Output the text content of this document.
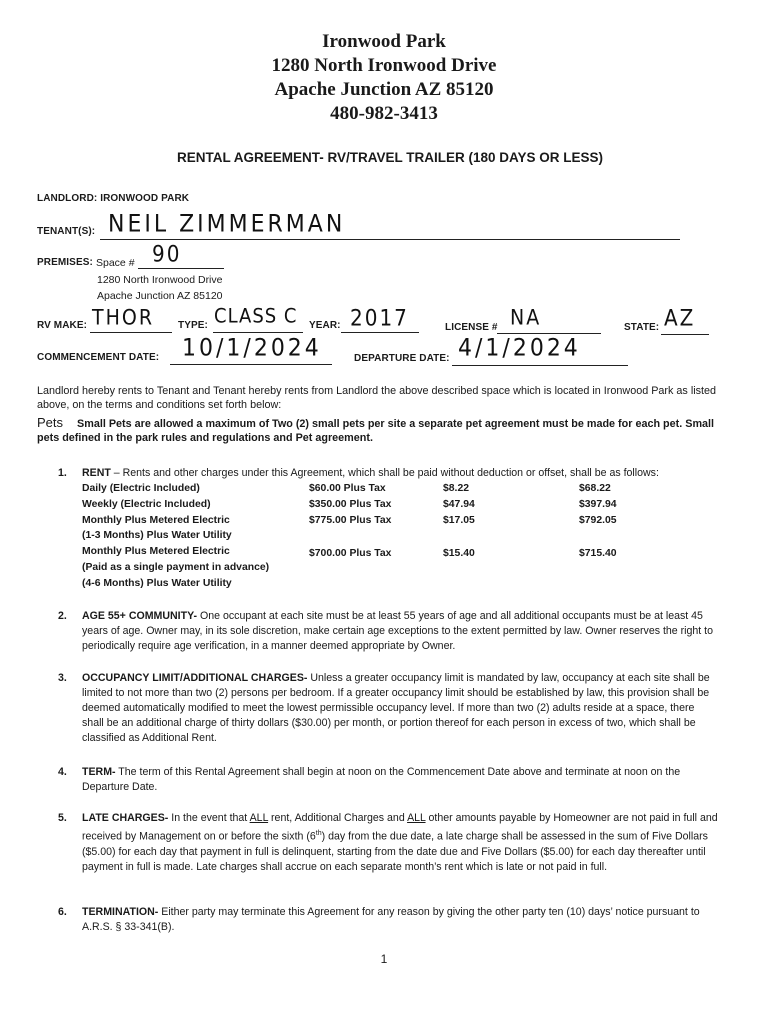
Ironwood Park
1280 North Ironwood Drive
Apache Junction AZ 85120
480-982-3413
RENTAL AGREEMENT- RV/TRAVEL TRAILER (180 DAYS OR LESS)
LANDLORD: IRONWOOD PARK
TENANT(S): NEIL ZIMMERMAN
PREMISES: Space # 90
1280 North Ironwood Drive
Apache Junction AZ 85120
RV MAKE: THOR TYPE: CLASS C YEAR: 2017	LICENSE # NA	STATE: AZ
COMMENCEMENT DATE: 10/1/2024	DEPARTURE DATE: 4/1/2024
Landlord hereby rents to Tenant and Tenant hereby rents from Landlord the above described space which is located in Ironwood Park as listed above, on the terms and conditions set forth below:
Pets Small Pets are allowed a maximum of Two (2) small pets per site a separate pet agreement must be made for each pet. Small pets defined in the park rules and regulations and Pet agreement.
1. RENT – Rents and other charges under this Agreement, which shall be paid without deduction or offset, shall be as follows:
Daily (Electric Included)	$60.00 Plus Tax	$8.22	$68.22
Weekly (Electric Included)	$350.00 Plus Tax	$47.94	$397.94
Monthly Plus Metered Electric	$775.00 Plus Tax	$17.05	$792.05
(1-3 Months) Plus Water Utility
Monthly Plus Metered Electric	$700.00 Plus Tax	$15.40	$715.40
(Paid as a single payment in advance)
(4-6 Months) Plus Water Utility
2. AGE 55+ COMMUNITY- One occupant at each site must be at least 55 years of age and all additional occupants must be at least 45 years of age. Owner may, in its sole discretion, make certain age exceptions to the extent permitted by law. Owner reserves the right to periodically require age verification, in a manner deemed appropriate by Owner.
3. OCCUPANCY LIMIT/ADDITIONAL CHARGES- Unless a greater occupancy limit is mandated by law, occupancy at each site shall be limited to not more than two (2) persons per bedroom. If a greater occupancy limit should be established by law, this provision shall be deemed automatically modified to meet the lowest permissible occupancy level. If more than two (2) adults reside at a space, there shall be an additional charge of thirty dollars ($30.00) per month, or portion thereof for each person in excess of two, which shall be classified as Additional Rent.
4. TERM- The term of this Rental Agreement shall begin at noon on the Commencement Date above and terminate at noon on the Departure Date.
5. LATE CHARGES- In the event that ALL rent, Additional Charges and ALL other amounts payable by Homeowner are not paid in full and received by Management on or before the sixth (6th) day from the due date, a late charge shall be assessed in the sum of Five Dollars ($5.00) for each day that payment in full is delinquent, starting from the date due and Five Dollars ($5.00) for each day thereafter until payment in full is made. Late charges shall accrue on each separate month’s rent which is late or not paid in full.
6. TERMINATION- Either party may terminate this Agreement for any reason by giving the other party ten (10) days’ notice pursuant to A.R.S. § 33-341(B).
1
